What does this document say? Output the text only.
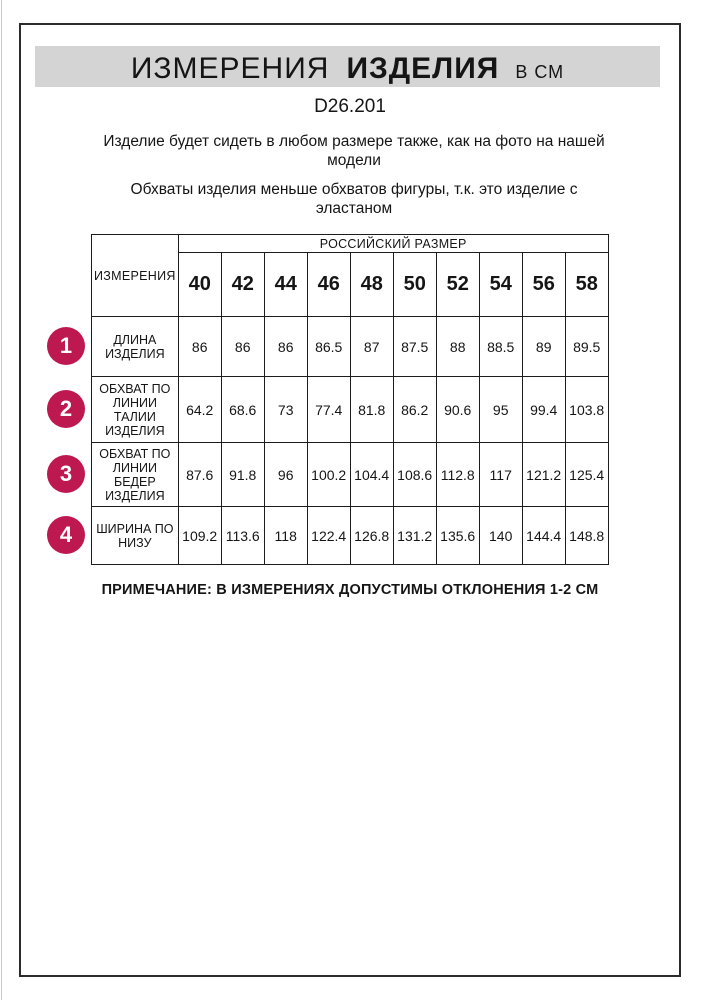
ИЗМЕРЕНИЯ ИЗДЕЛИЯ В СМ
D26.201
Изделие будет сидеть в любом размере также, как на фото на нашей модели
Обхваты изделия меньше обхватов фигуры, т.к. это изделие с эластаном
ИЗМЕРЕНИЯ	РОССИЙСКИЙ РАЗМЕР									
	40	42	44	46	48	50	52	54	56	58
ДЛИНА ИЗДЕЛИЯ	86	86	86	86.5	87	87.5	88	88.5	89	89.5
ОБХВАТ ПО ЛИНИИ ТАЛИИ ИЗДЕЛИЯ	64.2	68.6	73	77.4	81.8	86.2	90.6	95	99.4	103.8
ОБХВАТ ПО ЛИНИИ БЕДЕР ИЗДЕЛИЯ	87.6	91.8	96	100.2	104.4	108.6	112.8	117	121.2	125.4
ШИРИНА ПО НИЗУ	109.2	113.6	118	122.4	126.8	131.2	135.6	140	144.4	148.8
1
2
3
4
ПРИМЕЧАНИЕ: В ИЗМЕРЕНИЯХ ДОПУСТИМЫ ОТКЛОНЕНИЯ 1-2 СМ
